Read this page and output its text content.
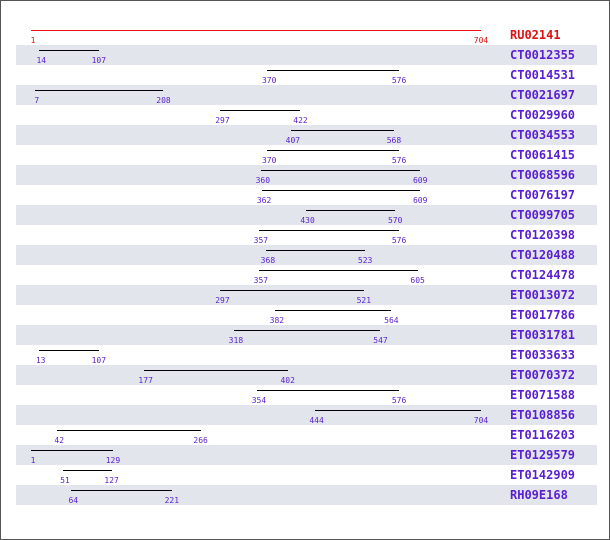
1	704 RU02141
14	107	CT0012355
370	576	CT0014531
7	208	CT0021697
297	422	CT0029960
407	568	CT0034553
370	576	CT0061415
360	609	CT0068596
362	609	CT0076197
430	570	CT0099705
357	576	CT0120398
368	523	CT0120488
357	605	CT0124478
297	521	ET0013072
382	564	ET0017786
318	547	ET0031781
13	107	ET0033633
177	402	ET0070372
354	576	ET0071588
444	704 ET0108856
42	266	ET0116203
1	129	ET0129579
51	127	ET0142909
64	221	RH09E168
